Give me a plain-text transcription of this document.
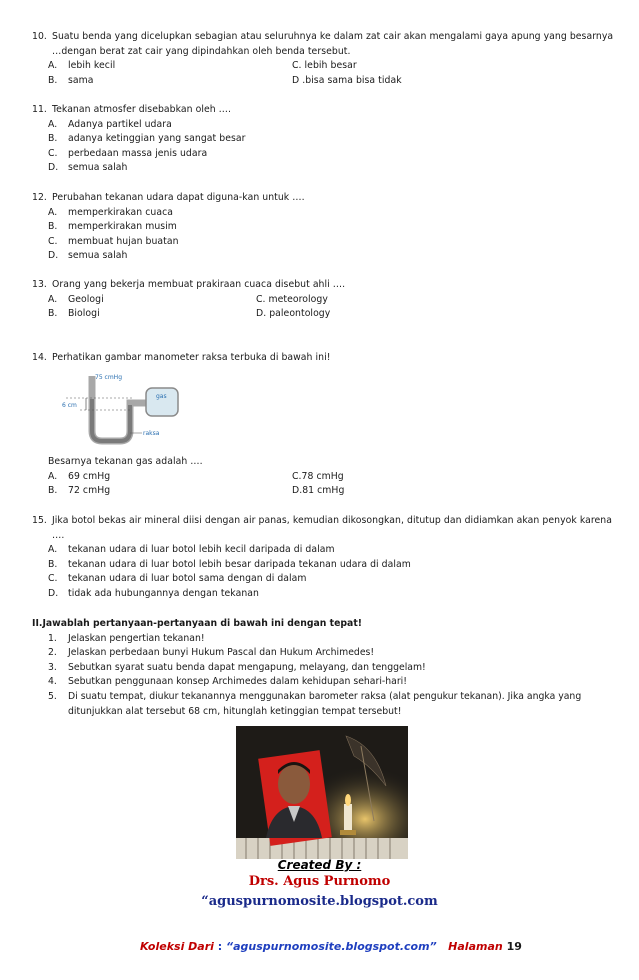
10. Suatu benda yang dicelupkan sebagian atau seluruhnya ke dalam zat cair akan mengalami gaya apung yang besarnya
…dengan berat zat cair yang dipindahkan oleh benda tersebut.
A. lebih kecil	C. lebih besar
B. sama	D .bisa sama bisa tidak
11. Tekanan atmosfer disebabkan oleh ….
A. Adanya partikel udara
B. adanya ketinggian yang sangat besar
C. perbedaan massa jenis udara
D. semua salah
12. Perubahan tekanan udara dapat diguna-kan untuk ….
A. memperkirakan cuaca
B. memperkirakan musim
C. membuat hujan buatan
D. semua salah
13. Orang yang bekerja membuat prakiraan cuaca disebut ahli ….
A. Geologi	C. meteorology
B. Biologi	D. paleontology
14. Perhatikan gambar manometer raksa terbuka di bawah ini!
75 cmHg
6 cm
gas
raksa
Besarnya tekanan gas adalah ….
A. 69 cmHg	C.78 cmHg
B. 72 cmHg	D.81 cmHg
15. Jika botol bekas air mineral diisi dengan air panas, kemudian dikosongkan, ditutup dan didiamkan akan penyok karena ….
A. tekanan udara di luar botol lebih kecil daripada di dalam
B. tekanan udara di luar botol lebih besar daripada tekanan udara di dalam
C. tekanan udara di luar botol sama dengan di dalam
D. tidak ada hubungannya dengan tekanan
II.Jawablah pertanyaan-pertanyaan di bawah ini dengan tepat!
1. Jelaskan pengertian tekanan!
2. Jelaskan perbedaan bunyi Hukum Pascal dan Hukum Archimedes!
3. Sebutkan syarat suatu benda dapat mengapung, melayang, dan tenggelam!
4. Sebutkan penggunaan konsep Archimedes dalam kehidupan sehari-hari!
5. Di suatu tempat, diukur tekanannya menggunakan barometer raksa (alat pengukur tekanan). Jika angka yang
ditunjukkan alat tersebut 68 cm, hitunglah ketinggian tempat tersebut!
Created By :
Drs. Agus Purnomo
“aguspurnomosite.blogspot.com
Koleksi Dari : “aguspurnomosite.blogspot.com” Halaman 19
